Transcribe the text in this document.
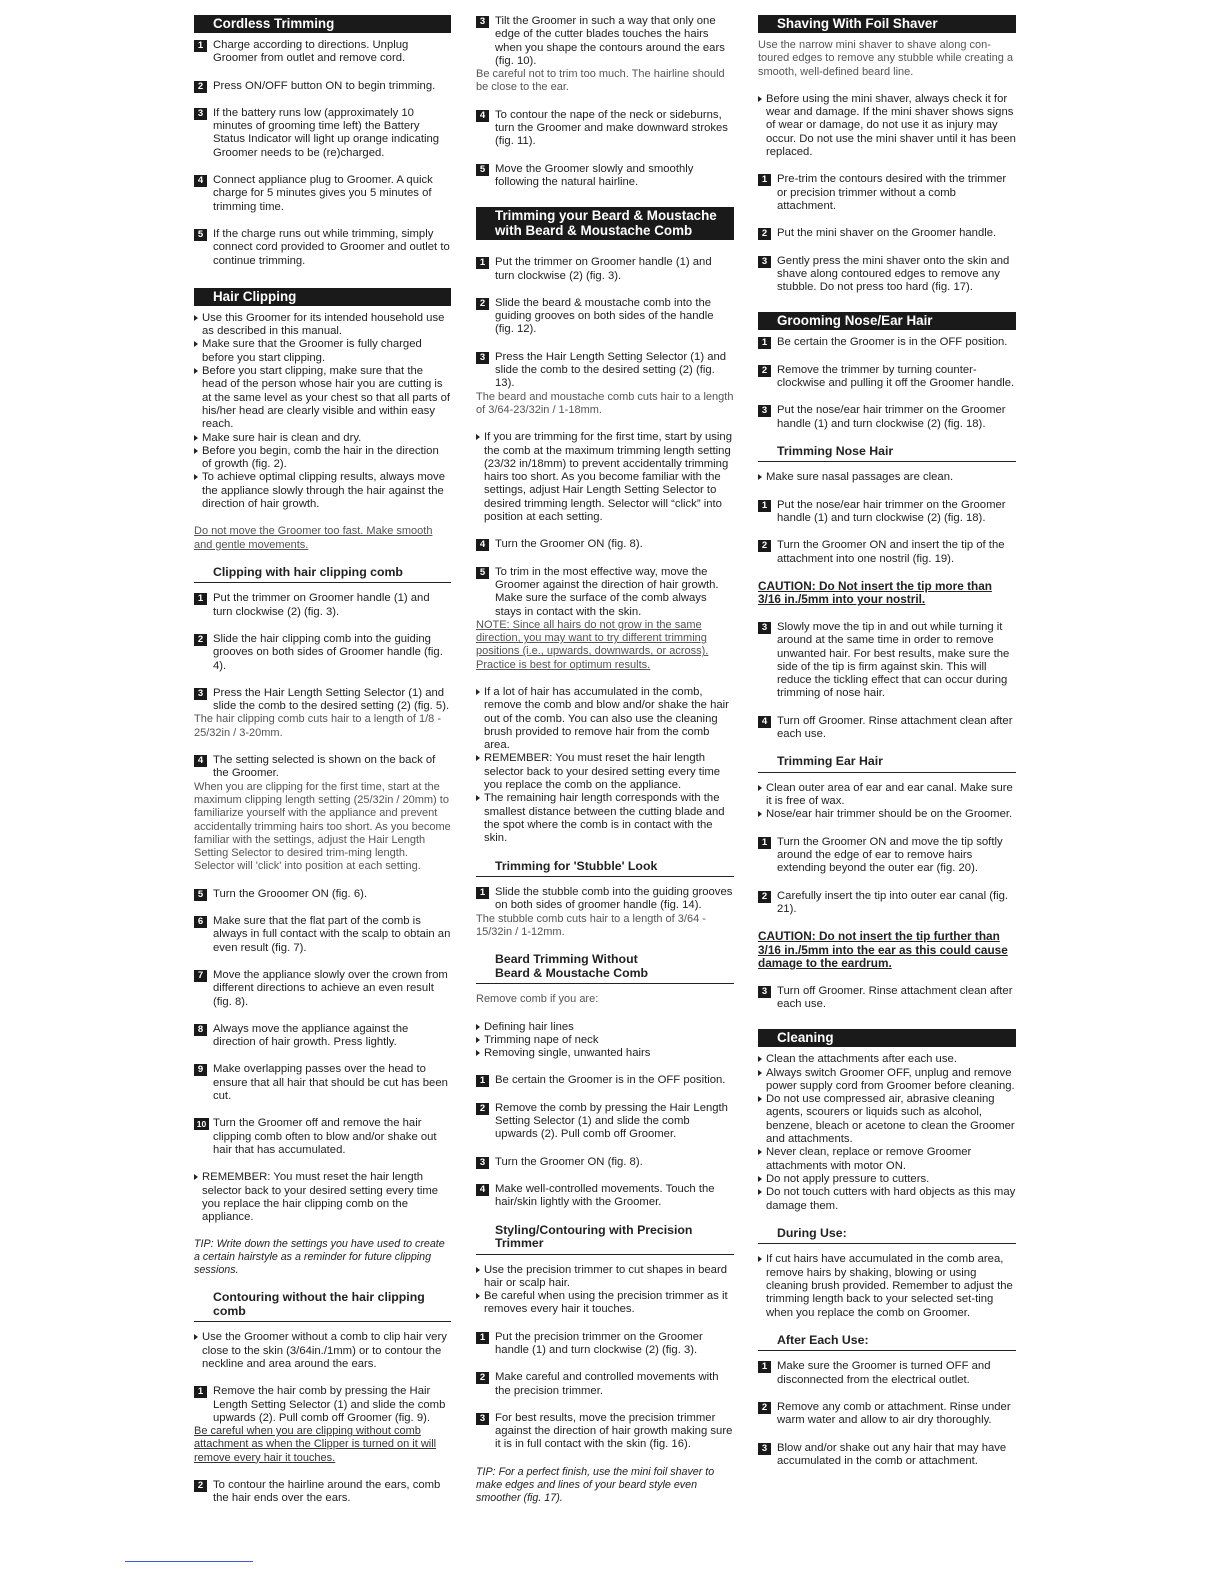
Cordless Trimming
1 Charge according to directions. Unplug Groomer from outlet and remove cord.
2 Press ON/OFF button ON to begin trimming.
3 If the battery runs low (approximately 10 minutes of grooming time left) the Battery Status Indicator will light up orange indicating Groomer needs to be (re)charged.
4 Connect appliance plug to Groomer. A quick charge for 5 minutes gives you 5 minutes of trimming time.
5 If the charge runs out while trimming, simply connect cord provided to Groomer and outlet to continue trimming.
Hair Clipping
Use this Groomer for its intended household use as described in this manual.
Make sure that the Groomer is fully charged before you start clipping.
Before you start clipping, make sure that the head of the person whose hair you are cutting is at the same level as your chest so that all parts of his/her head are clearly visible and within easy reach.
Make sure hair is clean and dry.
Before you begin, comb the hair in the direction of growth (fig. 2).
To achieve optimal clipping results, always move the appliance slowly through the hair against the direction of hair growth.
Do not move the Groomer too fast. Make smooth and gentle movements.
Clipping with hair clipping comb
1 Put the trimmer on Groomer handle (1) and turn clockwise (2) (fig. 3).
2 Slide the hair clipping comb into the guiding grooves on both sides of Groomer handle (fig. 4).
3 Press the Hair Length Setting Selector (1) and slide the comb to the desired setting (2) (fig. 5).
The hair clipping comb cuts hair to a length of 1/8 - 25/32in / 3-20mm.
4 The setting selected is shown on the back of the Groomer.
When you are clipping for the first time, start at the maximum clipping length setting (25/32in / 20mm) to familiarize yourself with the appliance and prevent accidentally trimming hairs too short. As you become familiar with the settings, adjust the Hair Length Setting Selector to desired trim-ming length. Selector will 'click' into position at each setting.
5 Turn the Grooomer ON (fig. 6).
6 Make sure that the flat part of the comb is always in full contact with the scalp to obtain an even result (fig. 7).
7 Move the appliance slowly over the crown from different directions to achieve an even result (fig. 8).
8 Always move the appliance against the direction of hair growth. Press lightly.
9 Make overlapping passes over the head to ensure that all hair that should be cut has been cut.
10 Turn the Groomer off and remove the hair clipping comb often to blow and/or shake out hair that has accumulated.
REMEMBER: You must reset the hair length selector back to your desired setting every time you replace the hair clipping comb on the appliance.
TIP: Write down the settings you have used to create a certain hairstyle as a reminder for future clipping sessions.
Contouring without the hair clipping comb
Use the Groomer without a comb to clip hair very close to the skin (3/64in./1mm) or to contour the neckline and area around the ears.
1 Remove the hair comb by pressing the Hair Length Setting Selector (1) and slide the comb upwards (2). Pull comb off Groomer (fig. 9).
Be careful when you are clipping without comb attachment as when the Clipper is turned on it will remove every hair it touches.
2 To contour the hairline around the ears, comb the hair ends over the ears.
3 Tilt the Groomer in such a way that only one edge of the cutter blades touches the hairs when you shape the contours around the ears (fig. 10).
Be careful not to trim too much. The hairline should be close to the ear.
4 To contour the nape of the neck or sideburns, turn the Groomer and make downward strokes (fig. 11).
5 Move the Groomer slowly and smoothly following the natural hairline.
Trimming your Beard & Moustache
with Beard & Moustache Comb
1 Put the trimmer on Groomer handle (1) and turn clockwise (2) (fig. 3).
2 Slide the beard & moustache comb into the guiding grooves on both sides of the handle (fig. 12).
3 Press the Hair Length Setting Selector (1) and slide the comb to the desired setting (2) (fig. 13).
The beard and moustache comb cuts hair to a length of 3/64-23/32in / 1-18mm.
If you are trimming for the first time, start by using the comb at the maximum trimming length setting (23/32 in/18mm) to prevent accidentally trimming hairs too short. As you become familiar with the settings, adjust Hair Length Setting Selector to desired trimming length. Selector will “click” into position at each setting.
4 Turn the Groomer ON (fig. 8).
5 To trim in the most effective way, move the Groomer against the direction of hair growth. Make sure the surface of the comb always stays in contact with the skin.
NOTE: Since all hairs do not grow in the same direction, you may want to try different trimming positions (i.e., upwards, downwards, or across). Practice is best for optimum results.
If a lot of hair has accumulated in the comb, remove the comb and blow and/or shake the hair out of the comb. You can also use the cleaning brush provided to remove hair from the comb area.
REMEMBER: You must reset the hair length selector back to your desired setting every time you replace the comb on the appliance.
The remaining hair length corresponds with the smallest distance between the cutting blade and the spot where the comb is in contact with the skin.
Trimming for 'Stubble' Look
1 Slide the stubble comb into the guiding grooves on both sides of groomer handle (fig. 14).
The stubble comb cuts hair to a length of 3/64 - 15/32in / 1-12mm.
Beard Trimming Without
Beard & Moustache Comb
Remove comb if you are:
Defining hair lines
Trimming nape of neck
Removing single, unwanted hairs
1 Be certain the Groomer is in the OFF position.
2 Remove the comb by pressing the Hair Length Setting Selector (1) and slide the comb upwards (2). Pull comb off Groomer.
3 Turn the Groomer ON (fig. 8).
4 Make well-controlled movements. Touch the hair/skin lightly with the Groomer.
Styling/Contouring with Precision
Trimmer
Use the precision trimmer to cut shapes in beard hair or scalp hair.
Be careful when using the precision trimmer as it removes every hair it touches.
1 Put the precision trimmer on the Groomer handle (1) and turn clockwise (2) (fig. 3).
2 Make careful and controlled movements with the precision trimmer.
3 For best results, move the precision trimmer against the direction of hair growth making sure it is in full contact with the skin (fig. 16).
TIP: For a perfect finish, use the mini foil shaver to make edges and lines of your beard style even smoother (fig. 17).
Shaving With Foil Shaver
Use the narrow mini shaver to shave along con-toured edges to remove any stubble while creating a smooth, well-defined beard line.
Before using the mini shaver, always check it for wear and damage. If the mini shaver shows signs of wear or damage, do not use it as injury may occur. Do not use the mini shaver until it has been replaced.
1 Pre-trim the contours desired with the trimmer or precision trimmer without a comb attachment.
2 Put the mini shaver on the Groomer handle.
3 Gently press the mini shaver onto the skin and shave along contoured edges to remove any stubble. Do not press too hard (fig. 17).
Grooming Nose/Ear Hair
1 Be certain the Groomer is in the OFF position.
2 Remove the trimmer by turning counter-clockwise and pulling it off the Groomer handle.
3 Put the nose/ear hair trimmer on the Groomer handle (1) and turn clockwise (2) (fig. 18).
Trimming Nose Hair
Make sure nasal passages are clean.
1 Put the nose/ear hair trimmer on the Groomer handle (1) and turn clockwise (2) (fig. 18).
2 Turn the Groomer ON and insert the tip of the attachment into one nostril (fig. 19).
CAUTION: Do Not insert the tip more than 3/16 in./5mm into your nostril.
3 Slowly move the tip in and out while turning it around at the same time in order to remove unwanted hair. For best results, make sure the side of the tip is firm against skin. This will reduce the tickling effect that can occur during trimming of nose hair.
4 Turn off Groomer. Rinse attachment clean after each use.
Trimming Ear Hair
Clean outer area of ear and ear canal. Make sure it is free of wax.
Nose/ear hair trimmer should be on the Groomer.
1 Turn the Groomer ON and move the tip softly around the edge of ear to remove hairs extending beyond the outer ear (fig. 20).
2 Carefully insert the tip into outer ear canal (fig. 21).
CAUTION: Do not insert the tip further than 3/16 in./5mm into the ear as this could cause damage to the eardrum.
3 Turn off Groomer. Rinse attachment clean after each use.
Cleaning
Clean the attachments after each use.
Always switch Groomer OFF, unplug and remove power supply cord from Groomer before cleaning.
Do not use compressed air, abrasive cleaning agents, scourers or liquids such as alcohol, benzene, bleach or acetone to clean the Groomer and attachments.
Never clean, replace or remove Groomer attachments with motor ON.
Do not apply pressure to cutters.
Do not touch cutters with hard objects as this may damage them.
During Use:
If cut hairs have accumulated in the comb area, remove hairs by shaking, blowing or using cleaning brush provided. Remember to adjust the trimming length back to your selected set-ting when you replace the comb on Groomer.
After Each Use:
1 Make sure the Groomer is turned OFF and disconnected from the electrical outlet.
2 Remove any comb or attachment. Rinse under warm water and allow to air dry thoroughly.
3 Blow and/or shake out any hair that may have accumulated in the comb or attachment.
